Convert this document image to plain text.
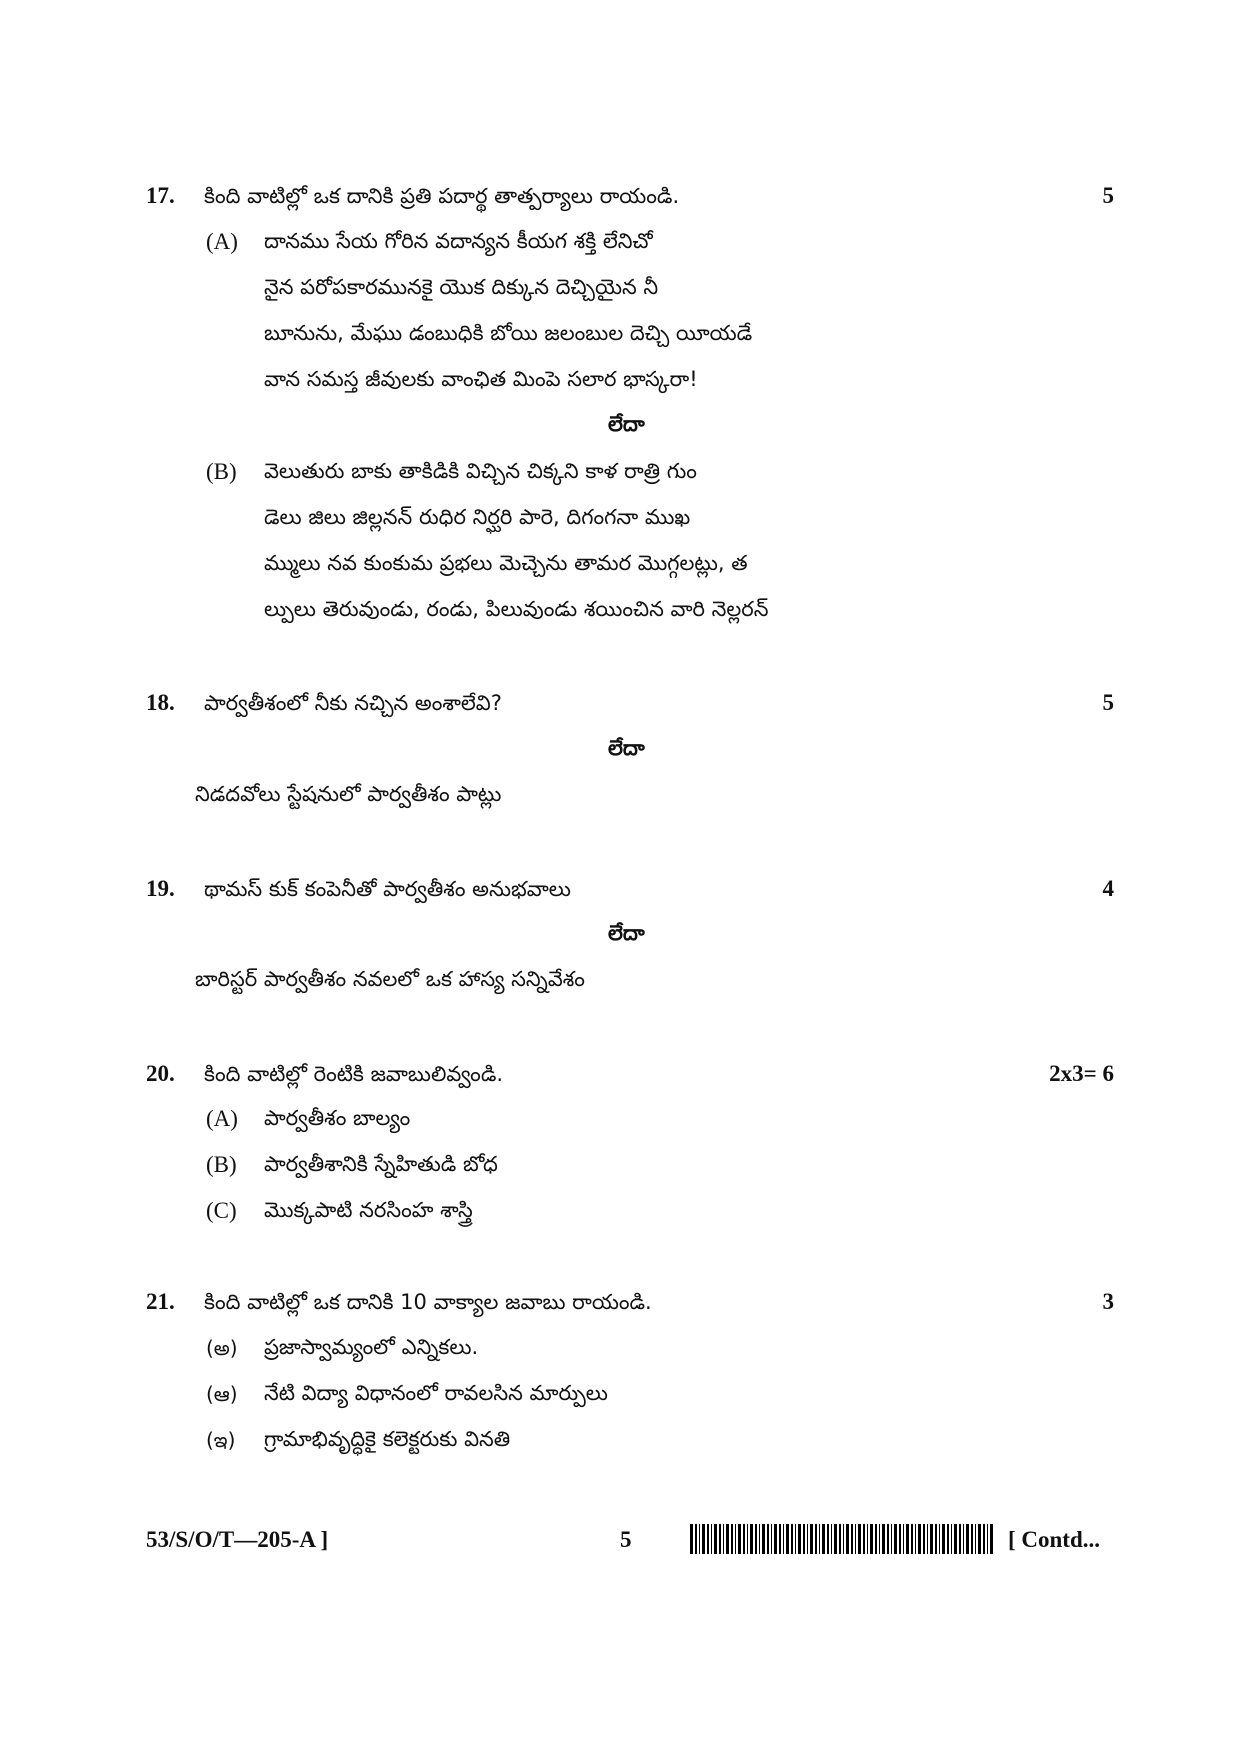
17. కింది వాటిల్లో ఒక దానికి ప్రతి పదార్థ తాత్పర్యాలు రాయండి.	5
(A) దానము సేయ గోరిన వదాన్యన కీయగ శక్తి లేనిచో
నైన పరోపకారమునకై యొక దిక్కున దెచ్చియైన నీ
బూనును, మేఘు డంబుధికి బోయి జలంబుల దెచ్చి యీయడే
వాన సమస్త జీవులకు వాంఛిత మింపె సలార భాస్కరా!
లేదా
(B) వెలుతురు బాకు తాకిడికి విచ్చిన చిక్కని కాళ రాత్రి గుం
డెలు జిలు జిల్లనన్ రుధిర నిర్ఘరి పారె, దిగంగనా ముఖ
మ్ములు నవ కుంకుమ ప్రభలు మెచ్చెను తామర మొగ్గలట్లు, త
ల్పులు తెరువుండు, రండు, పిలువుండు శయించిన వారి నెల్లరన్
18. పార్వతీశంలో నీకు నచ్చిన అంశాలేవి?	5
లేదా
నిడదవోలు స్టేషనులో పార్వతీశం పాట్లు
19. థామస్ కుక్ కంపెనీతో పార్వతీశం అనుభవాలు	4
లేదా
బారిస్టర్ పార్వతీశం నవలలో ఒక హాస్య సన్నివేశం
20. కింది వాటిల్లో రెంటికి జవాబులివ్వండి.	2x3= 6
(A) పార్వతీశం బాల్యం
(B) పార్వతీశానికి స్నేహితుడి బోధ
(C) మొక్కపాటి నరసింహ శాస్త్రి
21. కింది వాటిల్లో ఒక దానికి 10 వాక్యాల జవాబు రాయండి.	3
(అ) ప్రజాస్వామ్యంలో ఎన్నికలు.
(ఆ) నేటి విద్యా విధానంలో రావలసిన మార్పులు
(ఇ) గ్రామాభివృద్ధికై కలెక్టరుకు వినతి
53/S/O/T—205-A ]	5	[ Contd...
